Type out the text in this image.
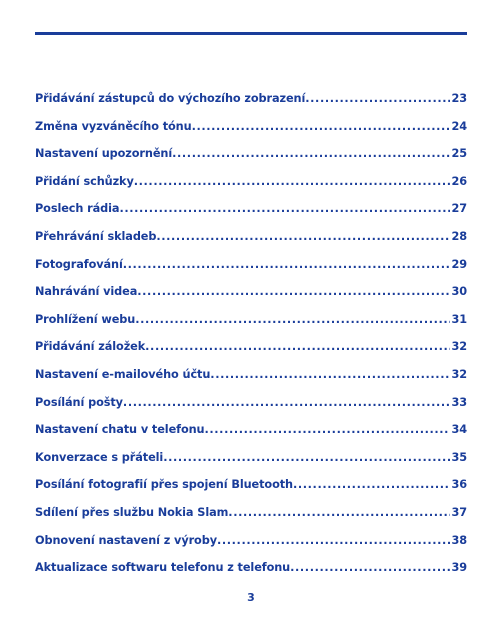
Přidávání zástupců do výchozího zobrazení .....	23
Změna vyzváněcího tónu .....	24
Nastavení upozornění .....	25
Přidání schůzky .....	26
Poslech rádia .....	27
Přehrávání skladeb .....	28
Fotografování .....	29
Nahrávání videa .....	30
Prohlížení webu .....	31
Přidávání záložek .....	32
Nastavení e-mailového účtu .....	32
Posílání pošty .....	33
Nastavení chatu v telefonu .....	34
Konverzace s přáteli .....	35
Posílání fotografií přes spojení Bluetooth .....	36
Sdílení přes službu Nokia Slam .....	37
Obnovení nastavení z výroby .....	38
Aktualizace softwaru telefonu z telefonu .....	39
3
